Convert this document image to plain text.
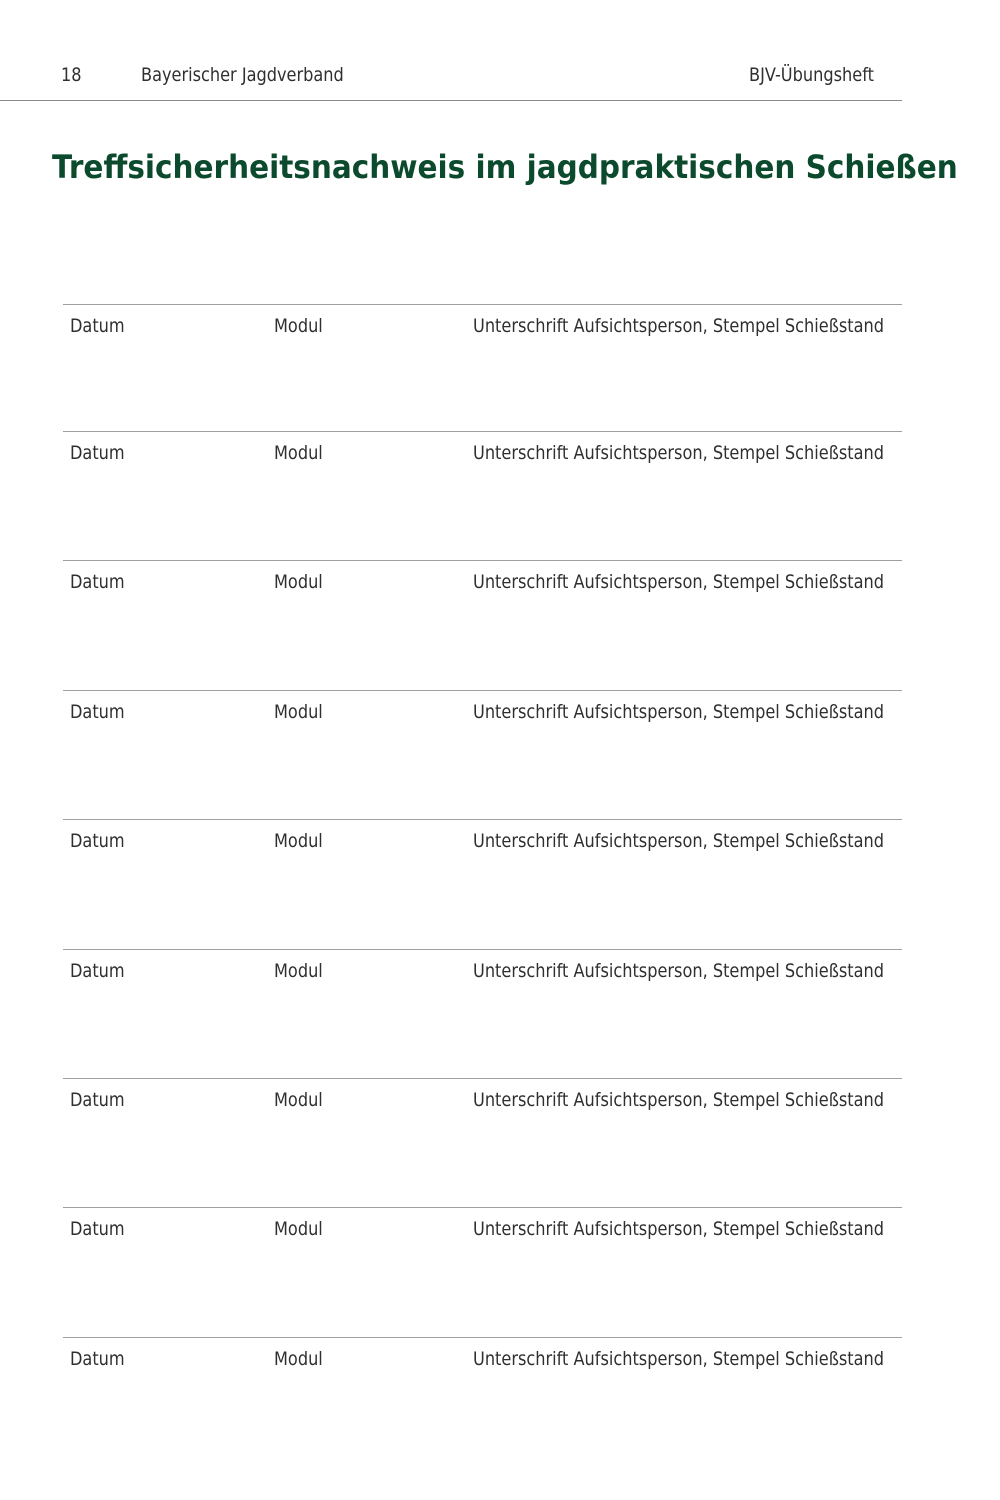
18	Bayerischer Jagdverband	BJV-Übungsheft
Treffsicherheitsnachweis im jagdpraktischen Schießen
Datum	Modul	Unterschrift Aufsichtsperson, Stempel Schießstand
Datum	Modul	Unterschrift Aufsichtsperson, Stempel Schießstand
Datum	Modul	Unterschrift Aufsichtsperson, Stempel Schießstand
Datum	Modul	Unterschrift Aufsichtsperson, Stempel Schießstand
Datum	Modul	Unterschrift Aufsichtsperson, Stempel Schießstand
Datum	Modul	Unterschrift Aufsichtsperson, Stempel Schießstand
Datum	Modul	Unterschrift Aufsichtsperson, Stempel Schießstand
Datum	Modul	Unterschrift Aufsichtsperson, Stempel Schießstand
Datum	Modul	Unterschrift Aufsichtsperson, Stempel Schießstand
